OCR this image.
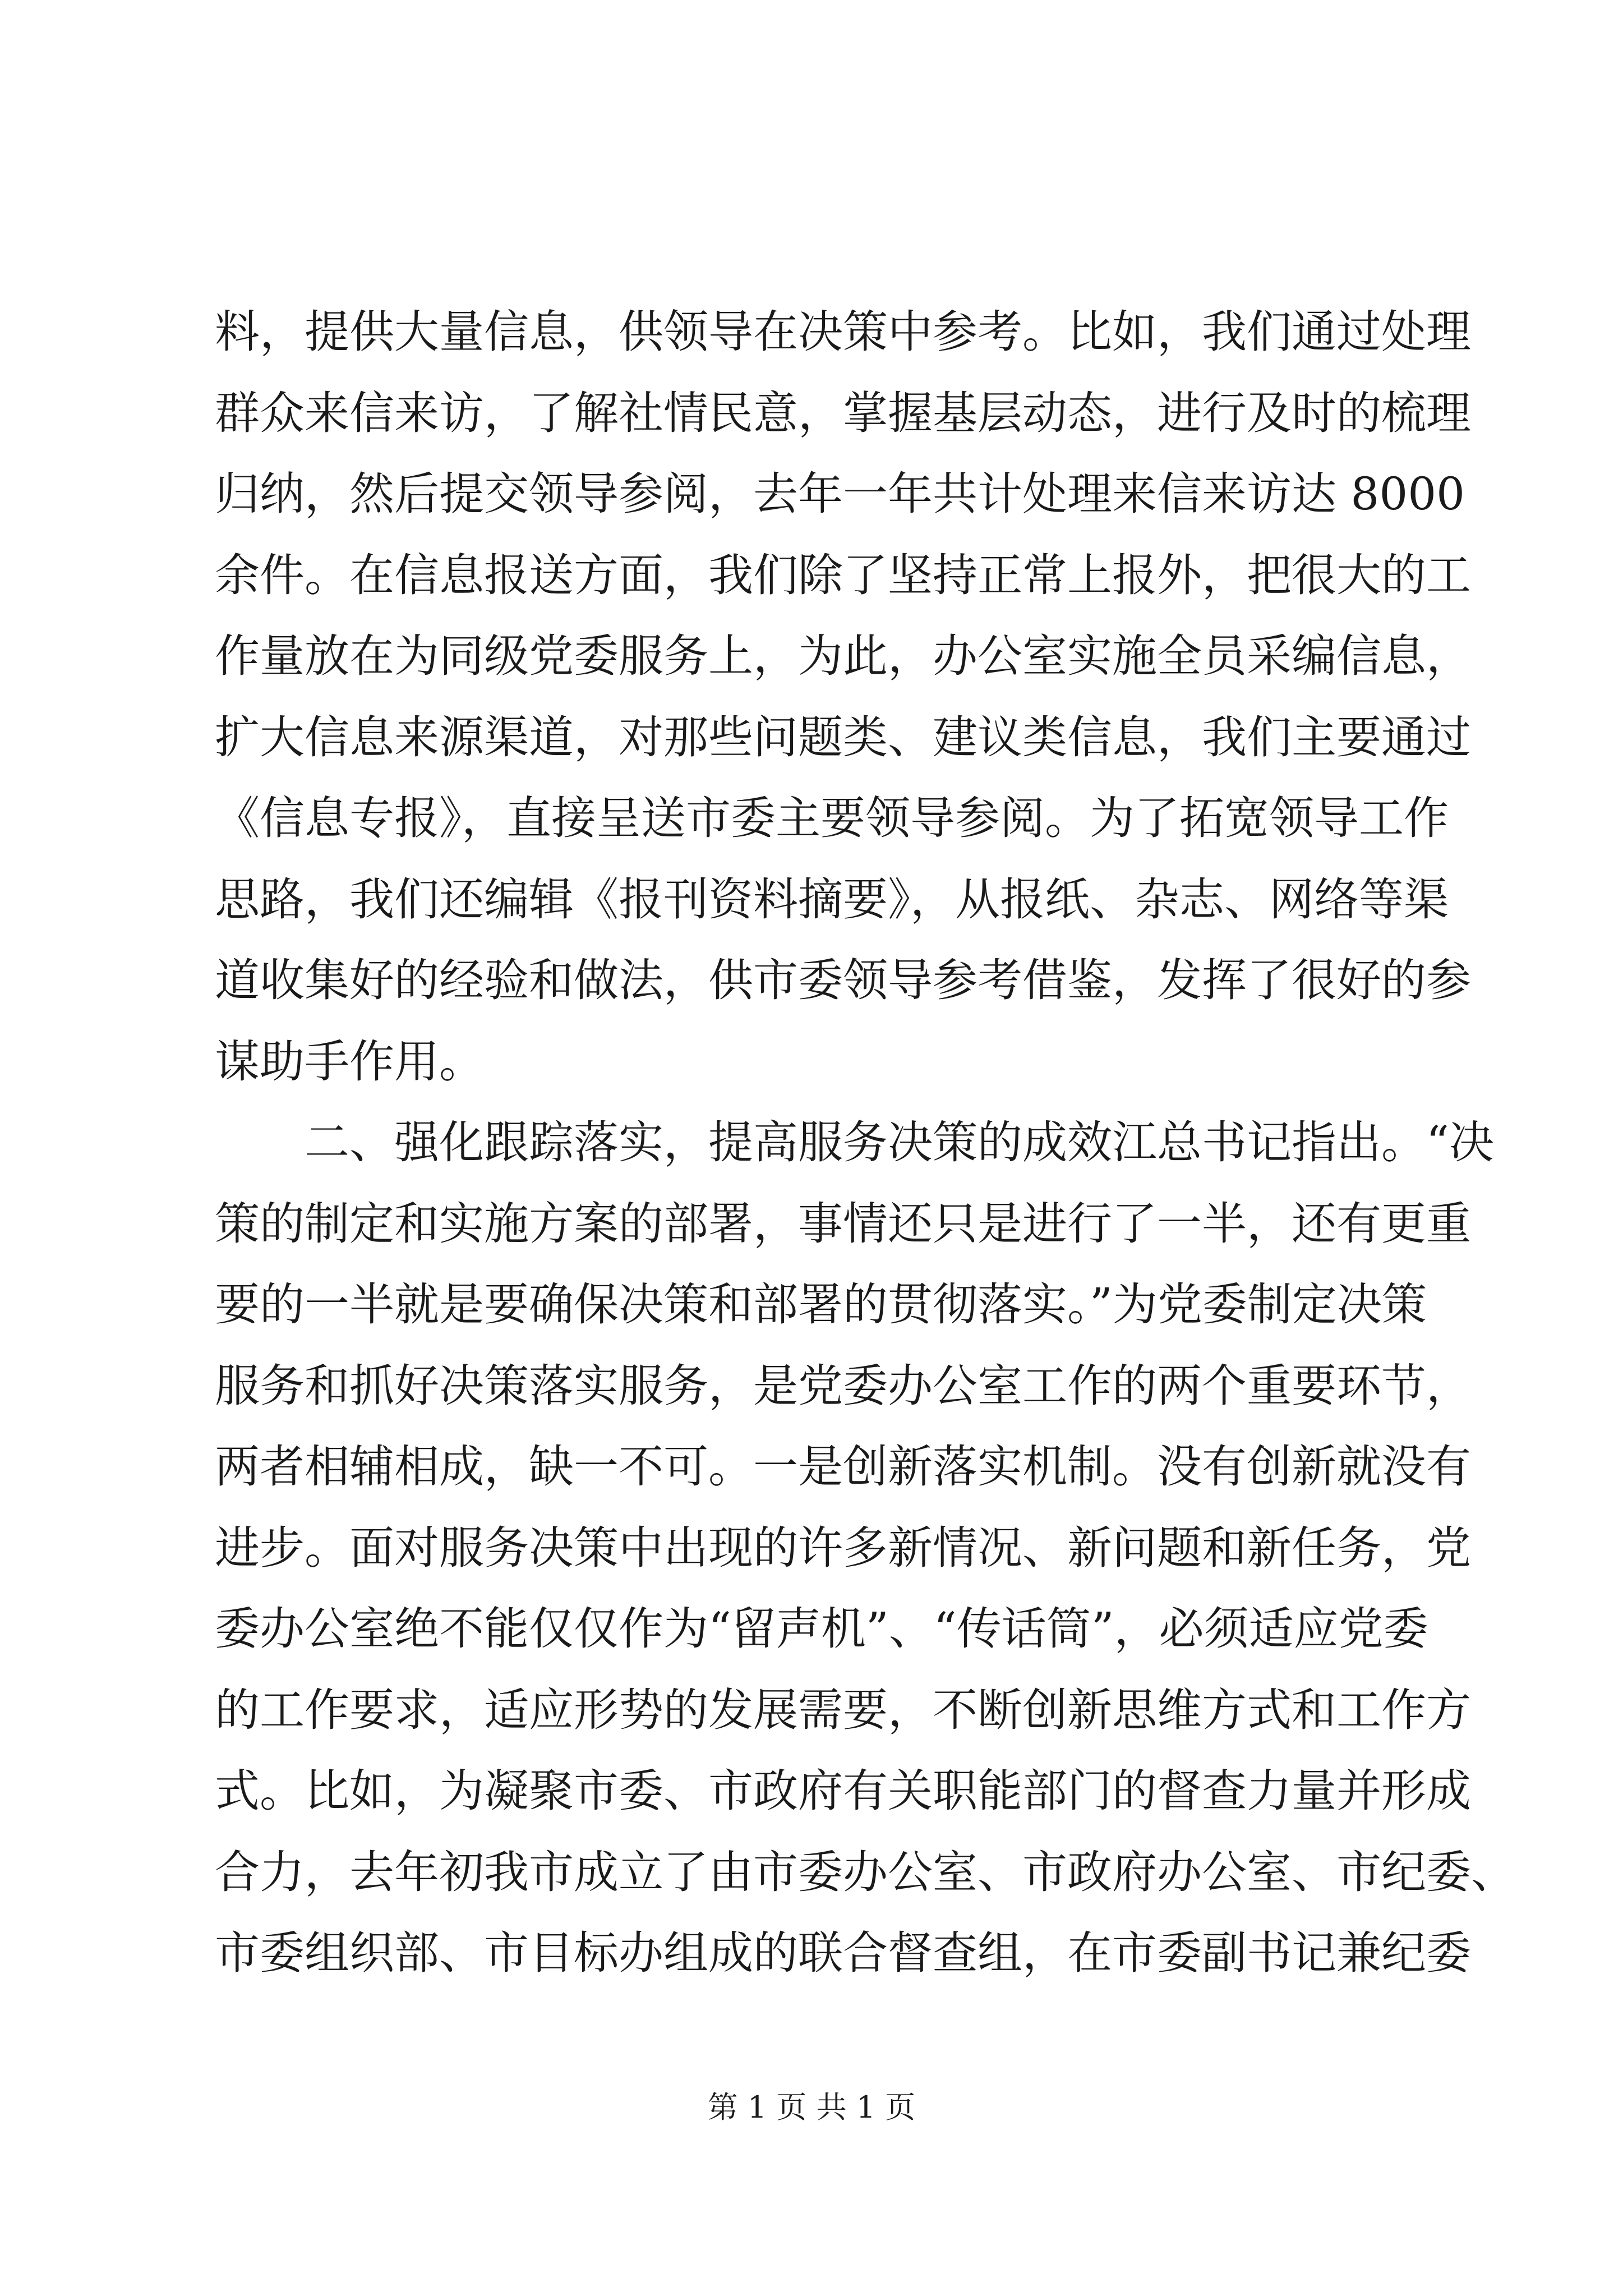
料，提供大量信息，供领导在决策中参考。比如，我们通过处理
群众来信来访，了解社情民意，掌握基层动态，进行及时的梳理
归纳，然后提交领导参阅，去年一年共计处理来信来访达 8000
余件。在信息报送方面，我们除了坚持正常上报外，把很大的工
作量放在为同级党委服务上，为此，办公室实施全员采编信息，
扩大信息来源渠道，对那些问题类、建议类信息，我们主要通过
《信息专报》，直接呈送市委主要领导参阅。为了拓宽领导工作
思路，我们还编辑《报刊资料摘要》，从报纸、杂志、网络等渠
道收集好的经验和做法，供市委领导参考借鉴，发挥了很好的参
谋助手作用。
二、强化跟踪落实，提高服务决策的成效江总书记指出。“决
策的制定和实施方案的部署，事情还只是进行了一半，还有更重
要的一半就是要确保决策和部署的贯彻落实。”为党委制定决策
服务和抓好决策落实服务，是党委办公室工作的两个重要环节，
两者相辅相成，缺一不可。一是创新落实机制。没有创新就没有
进步。面对服务决策中出现的许多新情况、新问题和新任务，党
委办公室绝不能仅仅作为“留声机”、“传话筒”，必须适应党委
的工作要求，适应形势的发展需要，不断创新思维方式和工作方
式。比如，为凝聚市委、市政府有关职能部门的督查力量并形成
合力，去年初我市成立了由市委办公室、市政府办公室、市纪委、
市委组织部、市目标办组成的联合督查组，在市委副书记兼纪委
第 1 页 共 1 页
